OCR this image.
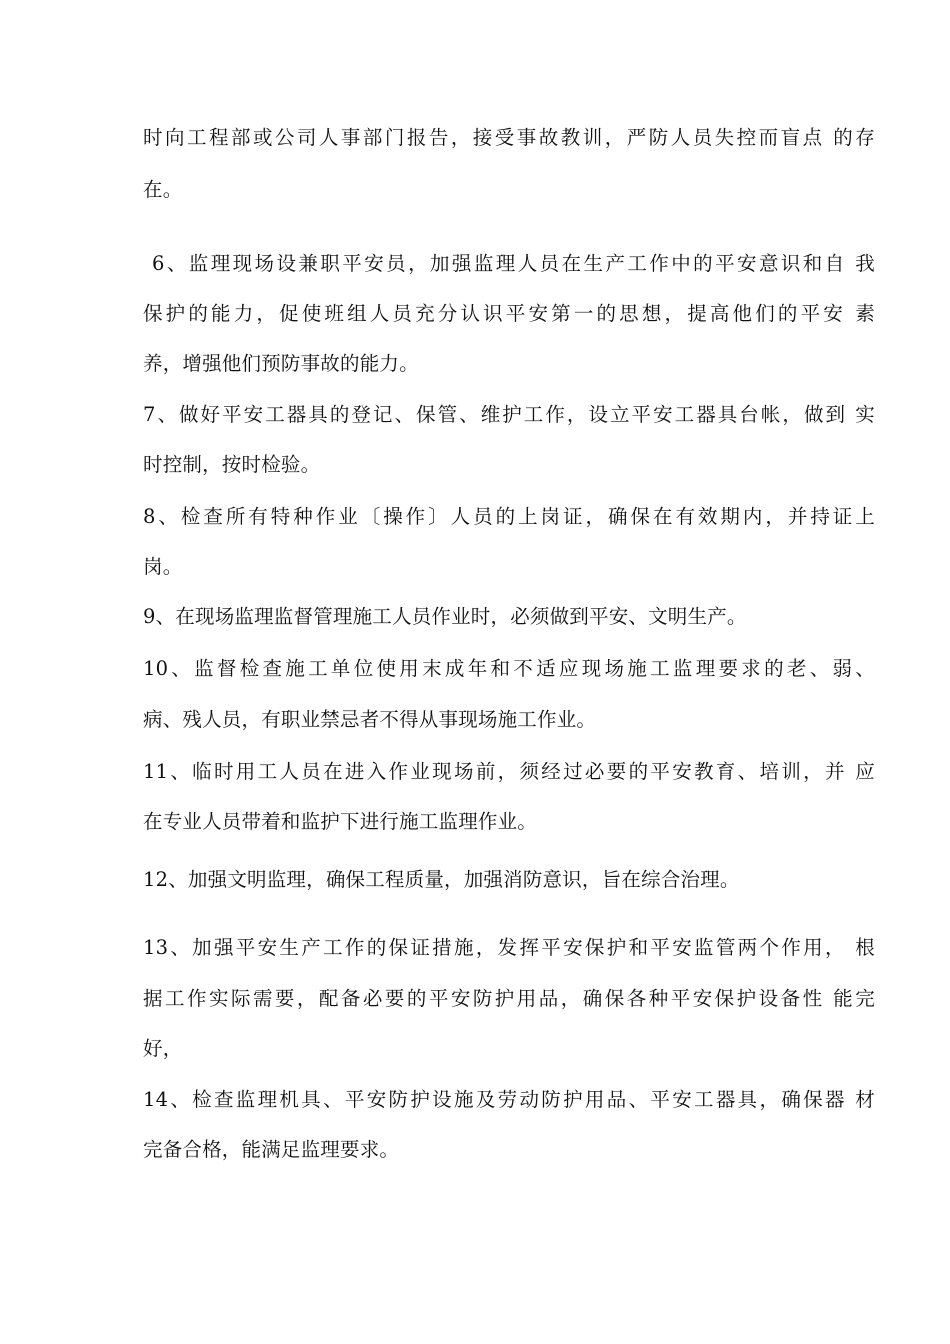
时向工程部或公司人事部门报告，接受事故教训，严防人员失控而盲点 的存
在。
6、监理现场设兼职平安员，加强监理人员在生产工作中的平安意识和自 我
保护的能力，促使班组人员充分认识平安第一的思想，提高他们的平安 素
养，增强他们预防事故的能力。
7、做好平安工器具的登记、保管、维护工作，设立平安工器具台帐，做到 实
时控制，按时检验。
8、检查所有特种作业〔操作〕人员的上岗证，确保在有效期内，并持证上
岗。
9、在现场监理监督管理施工人员作业时，必须做到平安、文明生产。
10、监督检查施工单位使用末成年和不适应现场施工监理要求的老、弱、
病、残人员，有职业禁忌者不得从事现场施工作业。
11、临时用工人员在进入作业现场前，须经过必要的平安教育、培训，并 应
在专业人员带着和监护下进行施工监理作业。
12、加强文明监理，确保工程质量，加强消防意识，旨在综合治理。
13、加强平安生产工作的保证措施，发挥平安保护和平安监管两个作用， 根
据工作实际需要，配备必要的平安防护用品，确保各种平安保护设备性 能完
好，
14、检查监理机具、平安防护设施及劳动防护用品、平安工器具，确保器 材
完备合格，能满足监理要求。
